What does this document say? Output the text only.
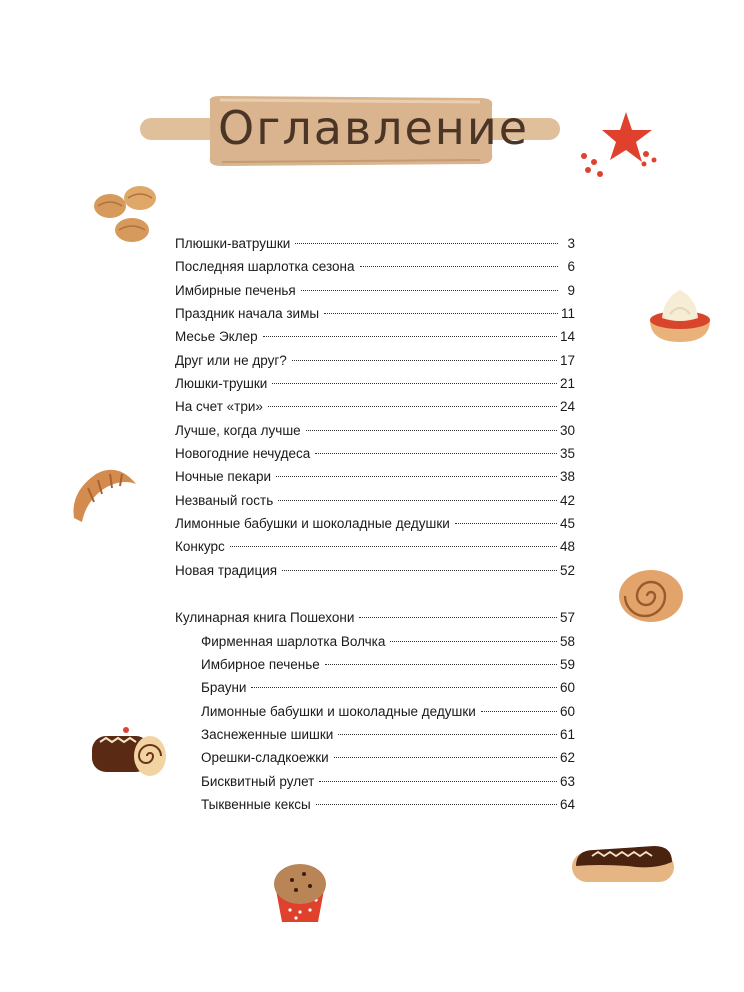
Оглавление
Плюшки-ватрушки	3
Последняя шарлотка сезона	6
Имбирные печенья	9
Праздник начала зимы	11
Месье Эклер	14
Друг или не друг?	17
Люшки-трушки	21
На счет «три»	24
Лучше, когда лучше	30
Новогодние нечудеса	35
Ночные пекари	38
Незваный гость	42
Лимонные бабушки и шоколадные дедушки	45
Конкурс	48
Новая традиция	52
Кулинарная книга Пошехони	57
Фирменная шарлотка Волчка	58
Имбирное печенье	59
Брауни	60
Лимонные бабушки и шоколадные дедушки	60
Заснеженные шишки	61
Орешки-сладкоежки	62
Бисквитный рулет	63
Тыквенные кексы	64
